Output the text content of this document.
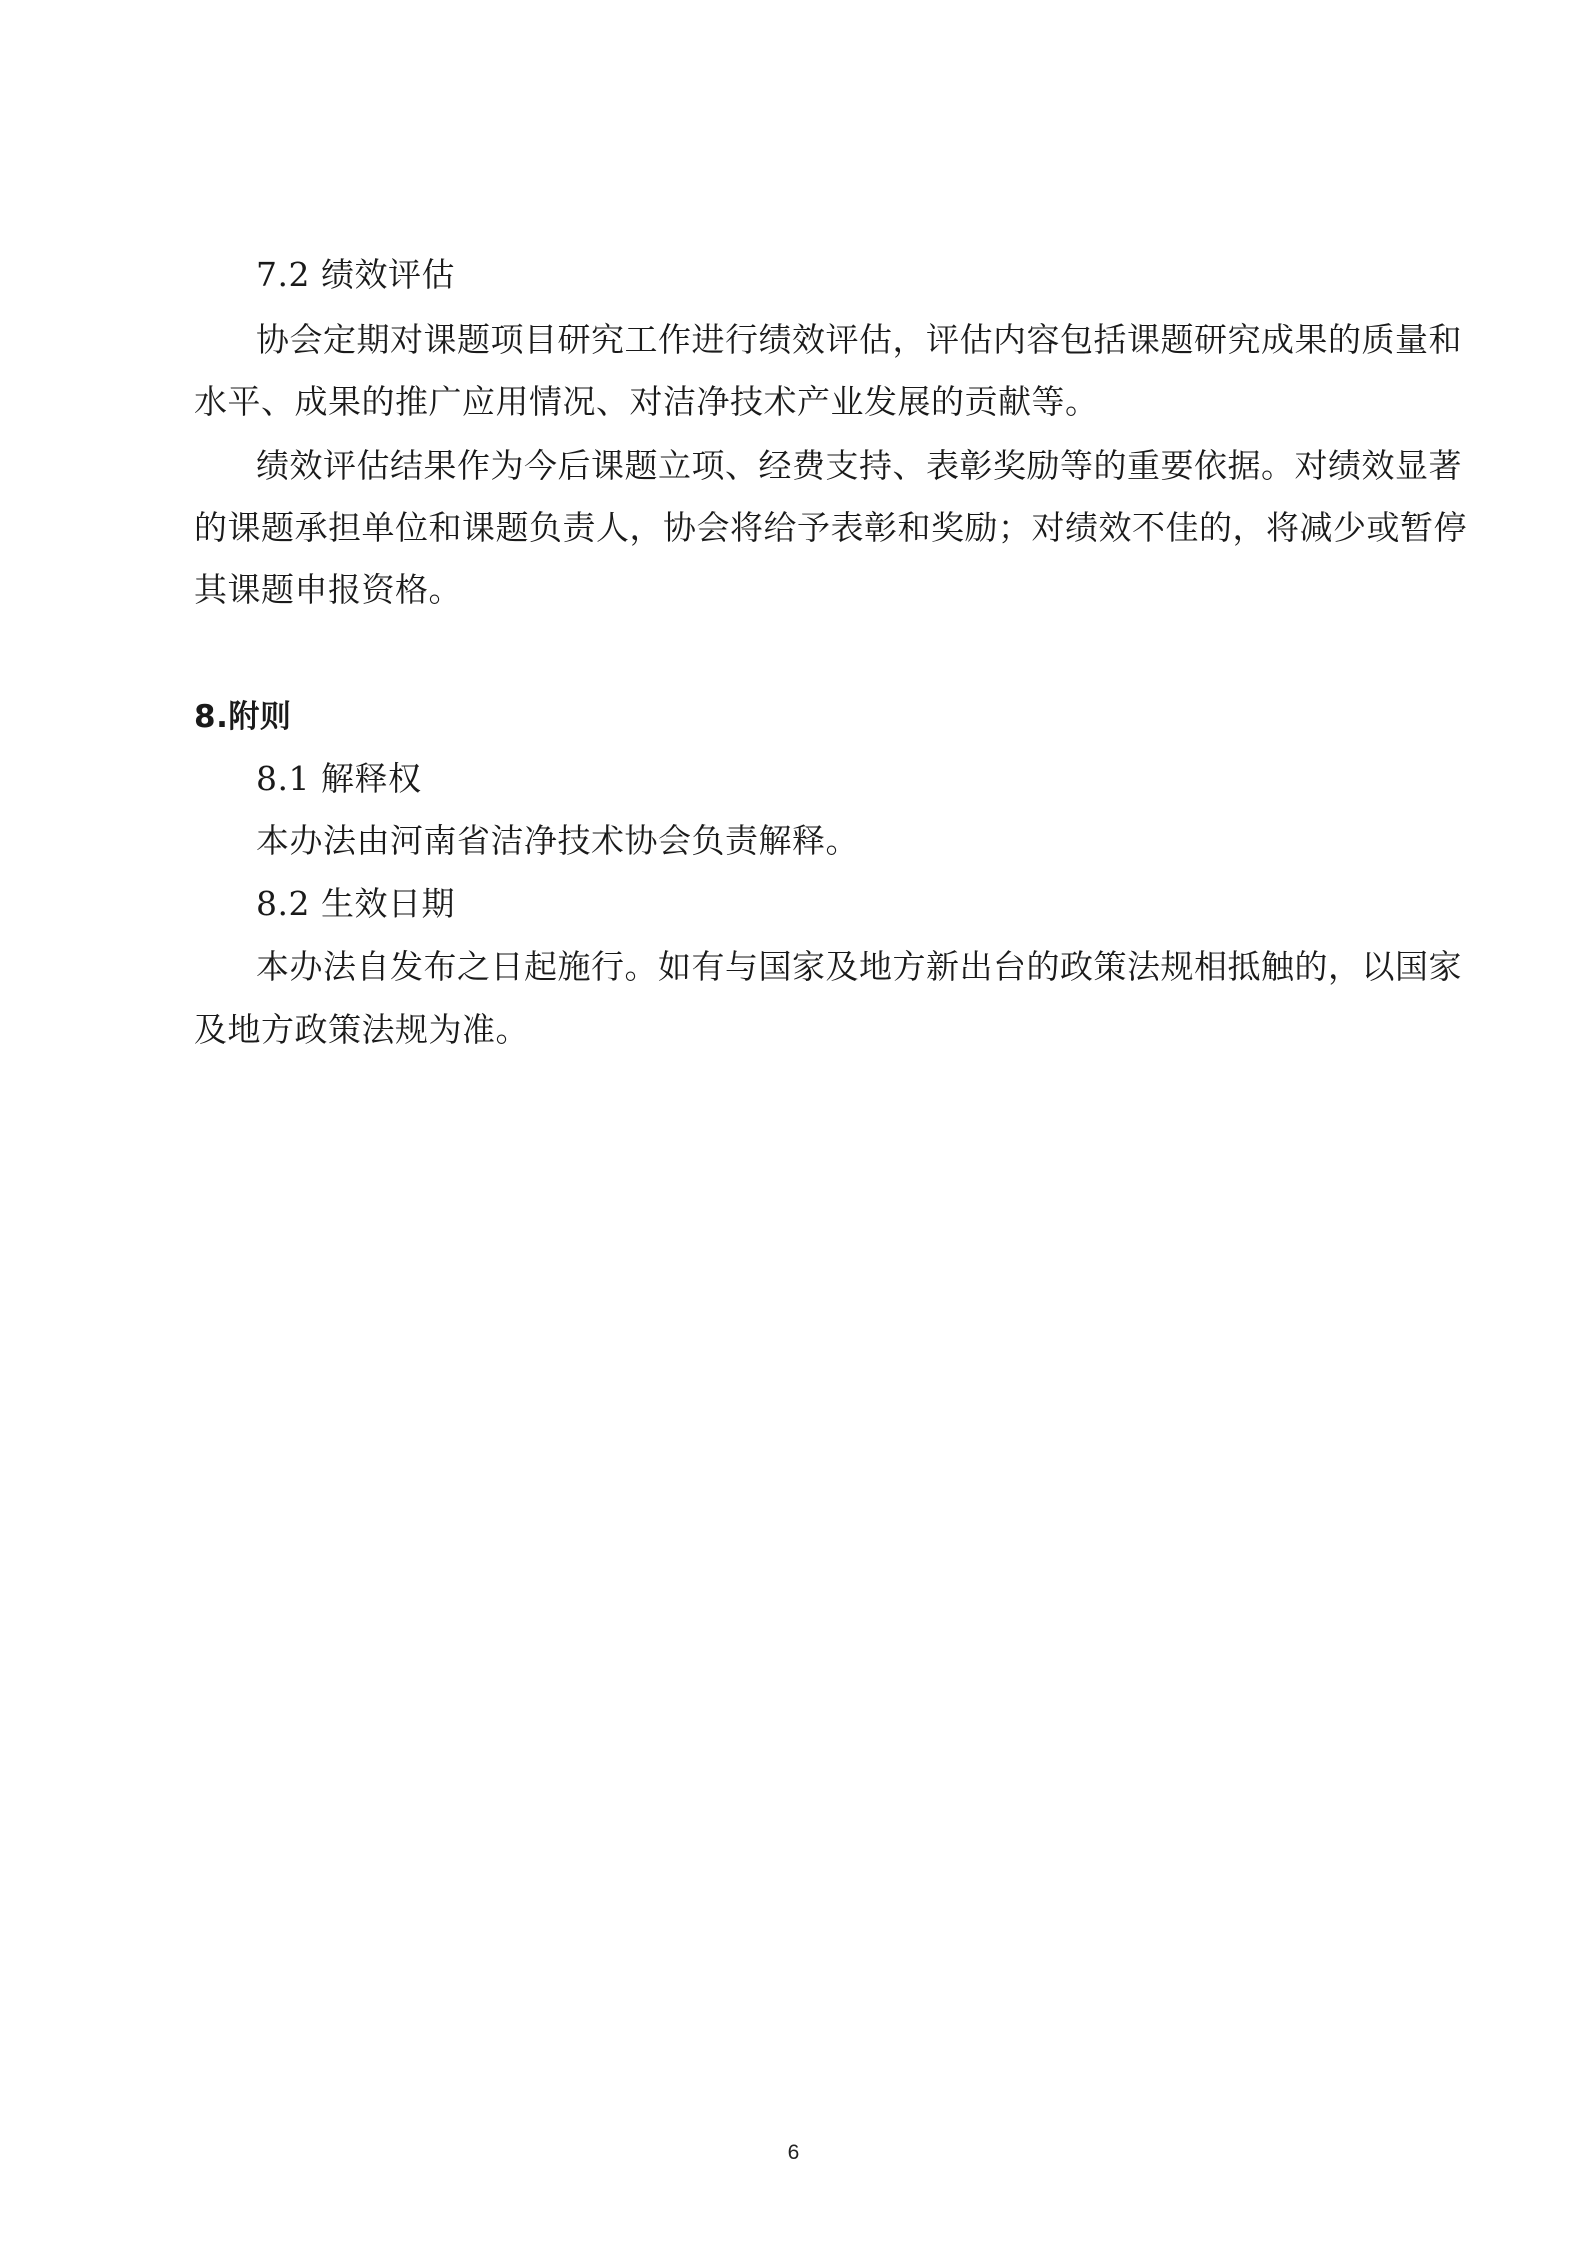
7.2 绩效评估
协会定期对课题项目研究工作进行绩效评估，评估内容包括课题研究成果的质量和
水平、成果的推广应用情况、对洁净技术产业发展的贡献等。
绩效评估结果作为今后课题立项、经费支持、表彰奖励等的重要依据。对绩效显著
的课题承担单位和课题负责人，协会将给予表彰和奖励；对绩效不佳的，将减少或暂停
其课题申报资格。
8.附则
8.1 解释权
本办法由河南省洁净技术协会负责解释。
8.2 生效日期
本办法自发布之日起施行。如有与国家及地方新出台的政策法规相抵触的，以国家
及地方政策法规为准。
6
